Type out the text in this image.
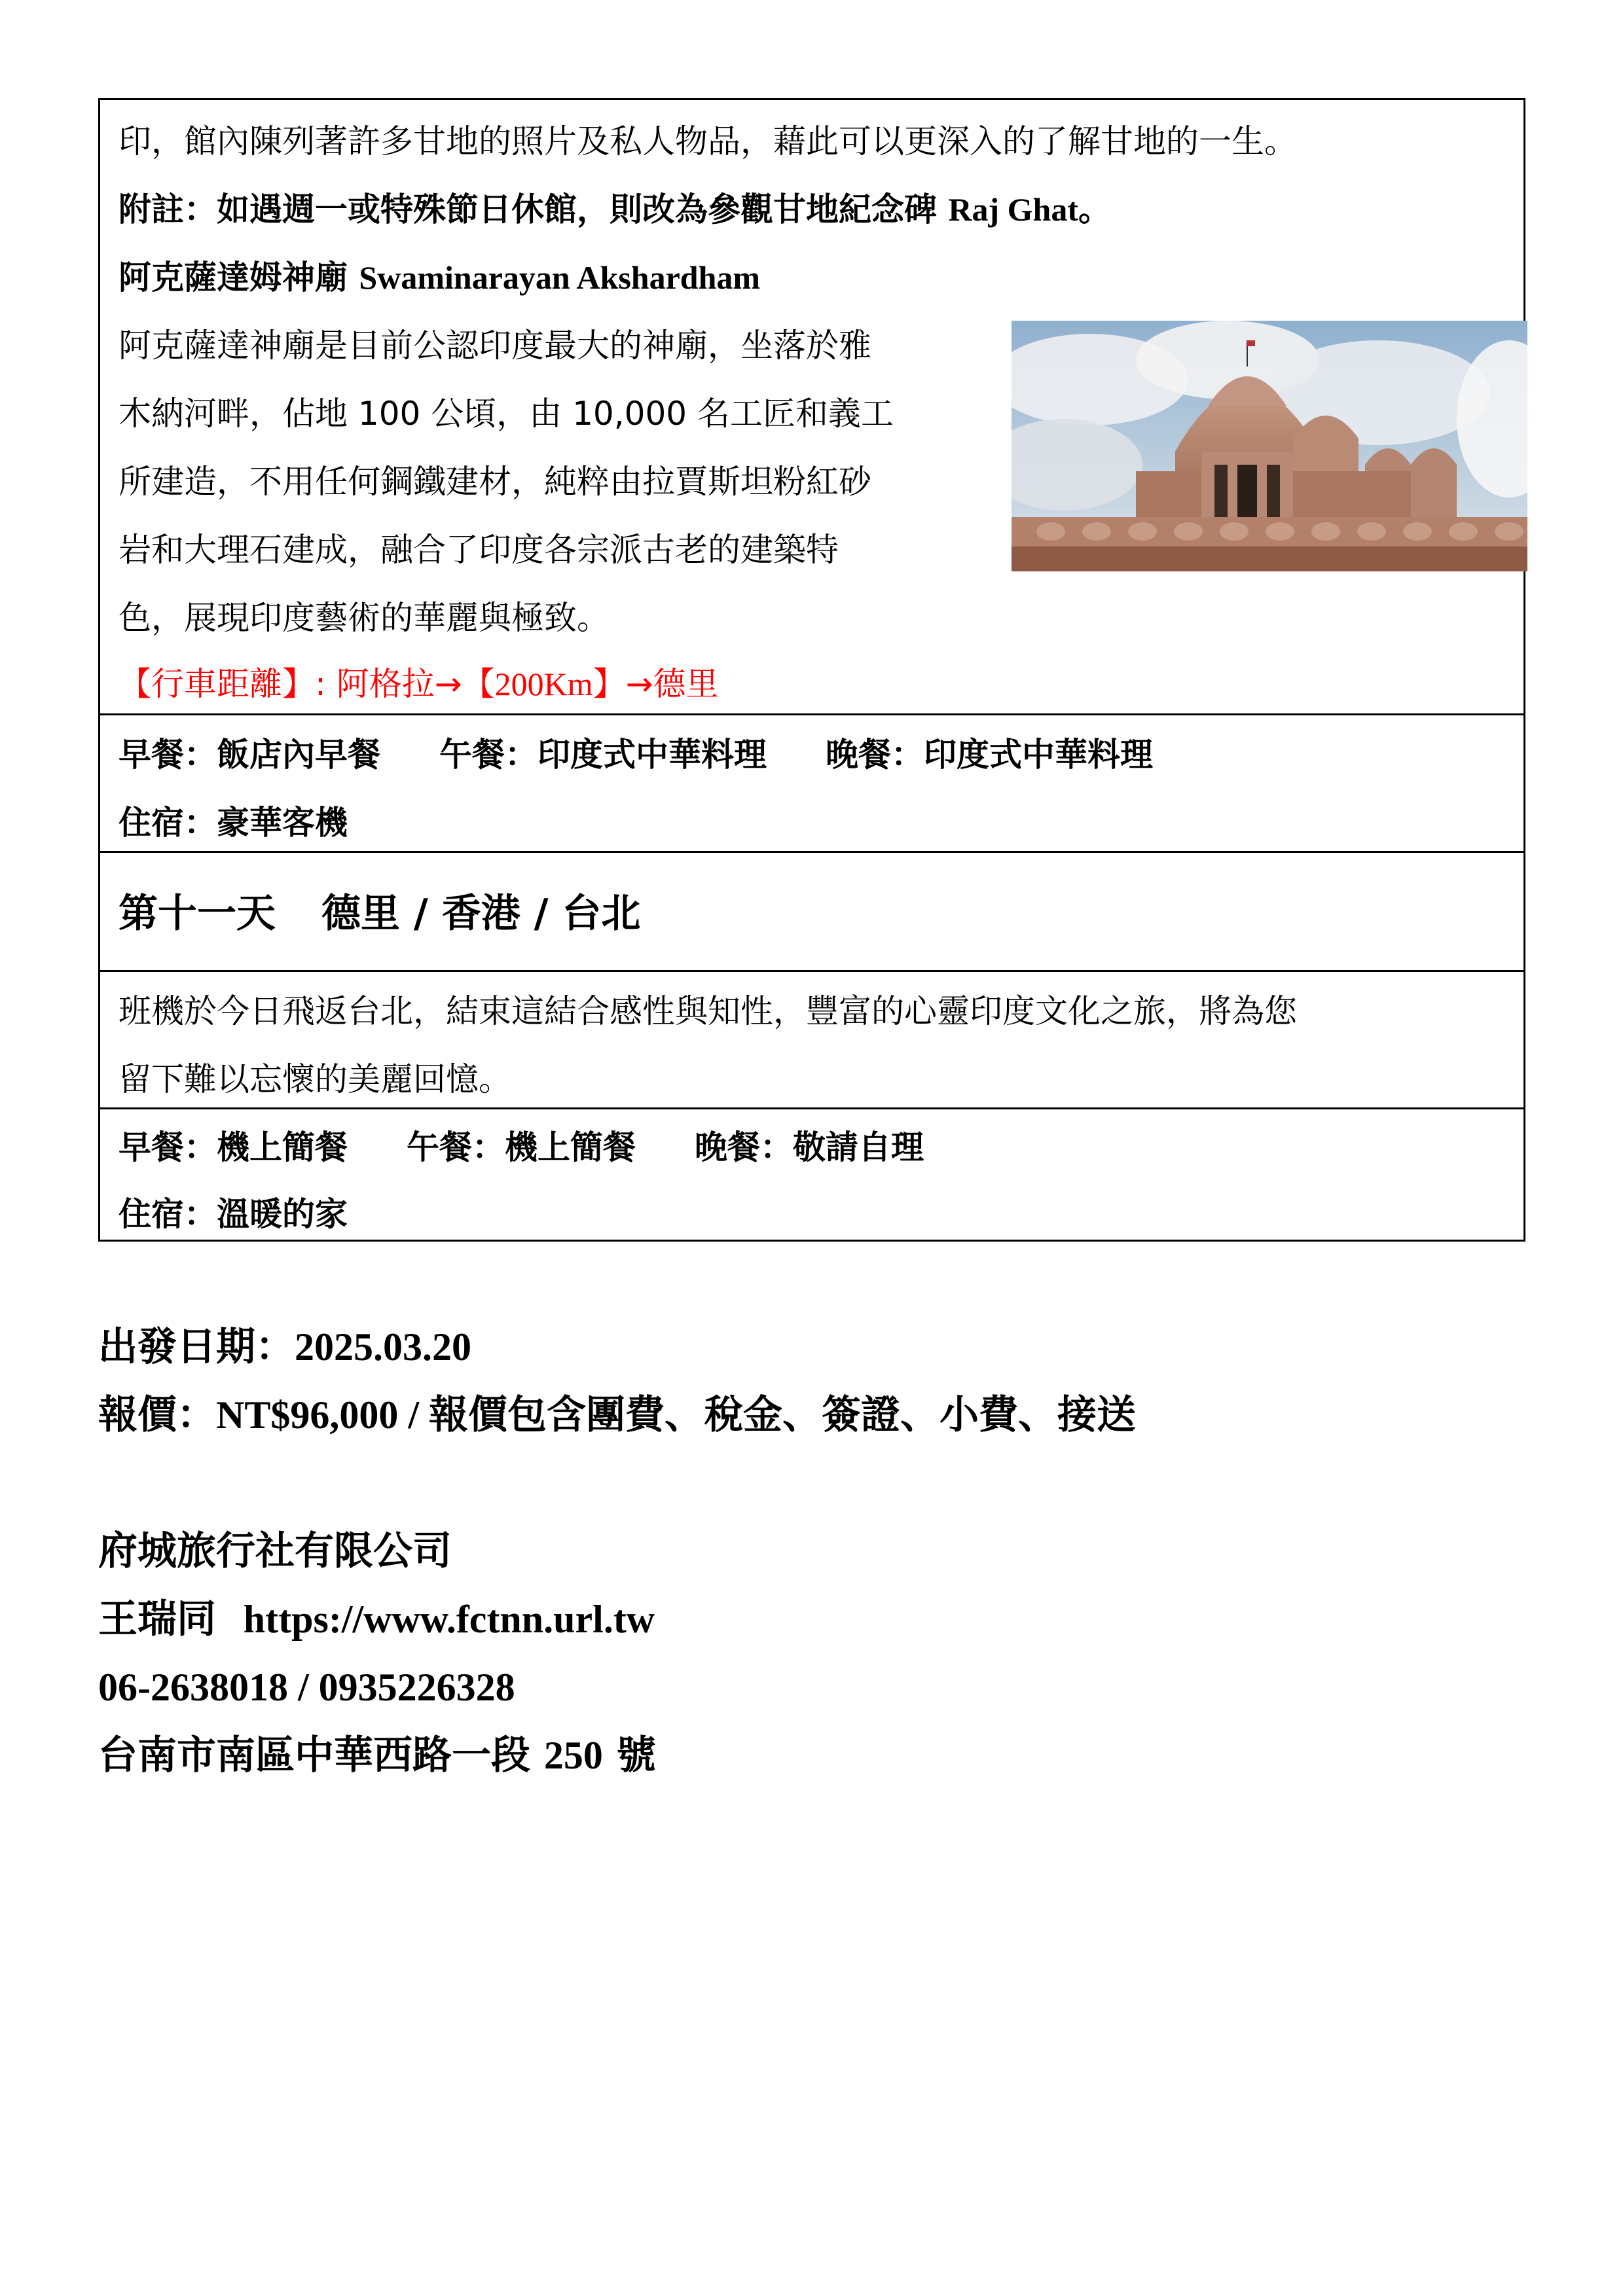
印，館內陳列著許多甘地的照片及私人物品，藉此可以更深入的了解甘地的一生。
附註：如遇週一或特殊節日休館，則改為參觀甘地紀念碑 Raj Ghat。
阿克薩達姆神廟 Swaminarayan Akshardham
阿克薩達神廟是目前公認印度最大的神廟，坐落於雅
木納河畔，佔地 100 公頃，由 10,000 名工匠和義工
所建造，不用任何鋼鐵建材，純粹由拉賈斯坦粉紅砂
岩和大理石建成，融合了印度各宗派古老的建築特
色，展現印度藝術的華麗與極致。
【行車距離】: 阿格拉→【200Km】→德里
早餐：飯店內早餐 午餐：印度式中華料理 晚餐：印度式中華料理
住宿：豪華客機
第十一天 德里 / 香港 / 台北
班機於今日飛返台北，結束這結合感性與知性，豐富的心靈印度文化之旅，將為您
留下難以忘懷的美麗回憶。
早餐：機上簡餐 午餐：機上簡餐 晚餐：敬請自理
住宿：溫暖的家
出發日期：2025.03.20
報價：NT$96,000 / 報價包含團費、稅金、簽證、小費、接送
府城旅行社有限公司
王瑞同  https://www.fctnn.url.tw
06-2638018 / 0935226328
台南市南區中華西路一段 250 號
